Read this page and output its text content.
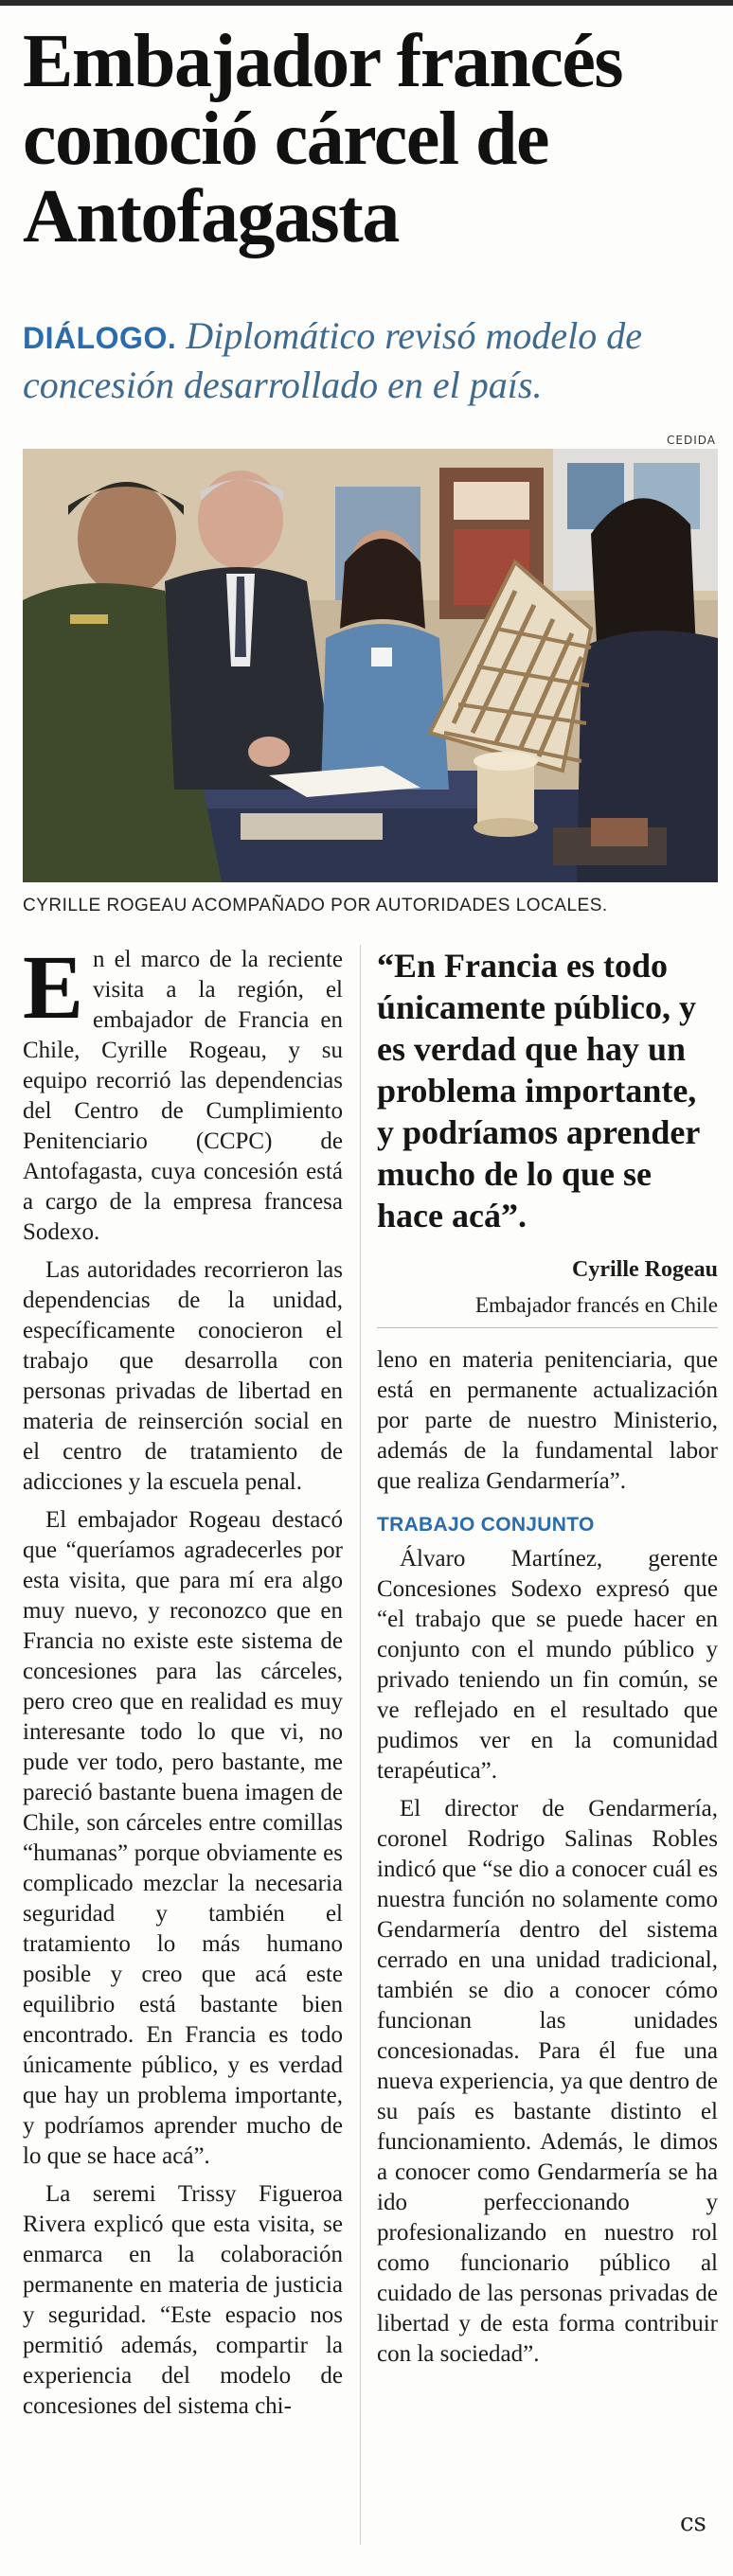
Embajador francés conoció cárcel de Antofagasta
DIÁLOGO. Diplomático revisó modelo de concesión desarrollado en el país.
CEDIDA
CYRILLE ROGEAU ACOMPAÑADO POR AUTORIDADES LOCALES.

En el marco de la reciente visita a la región, el embajador de Francia en Chile, Cyrille Rogeau, y su equipo recorrió las dependencias del Centro de Cumplimiento Penitenciario (CCPC) de Antofagasta, cuya concesión está a cargo de la empresa francesa Sodexo.

Las autoridades recorrieron las dependencias de la unidad, específicamente conocieron el trabajo que desarrolla con personas privadas de libertad en materia de reinserción social en el centro de tratamiento de adicciones y la escuela penal.

El embajador Rogeau destacó que “queríamos agradecerles por esta visita, que para mí era algo muy nuevo, y reconozco que en Francia no existe este sistema de concesiones para las cárceles, pero creo que en realidad es muy interesante todo lo que vi, no pude ver todo, pero bastante, me pareció bastante buena imagen de Chile, son cárceles entre comillas “humanas” porque obviamente es complicado mezclar la necesaria seguridad y también el tratamiento lo más humano posible y creo que acá este equilibrio está bastante bien encontrado. En Francia es todo únicamente público, y es verdad que hay un problema importante, y podríamos aprender mucho de lo que se hace acá”.

La seremi Trissy Figueroa Rivera explicó que esta visita, se enmarca en la colaboración permanente en materia de justicia y seguridad. “Este espacio nos permitió además, compartir la experiencia del modelo de concesiones del sistema chi-

“En Francia es todo únicamente público, y es verdad que hay un problema importante, y podríamos aprender mucho de lo que se hace acá”.

Cyrille Rogeau

Embajador francés en Chile

leno en materia penitenciaria, que está en permanente actualización por parte de nuestro Ministerio, además de la fundamental labor que realiza Gendarmería”.

TRABAJO CONJUNTO

Álvaro Martínez, gerente Concesiones Sodexo expresó que “el trabajo que se puede hacer en conjunto con el mundo público y privado teniendo un fin común, se ve reflejado en el resultado que pudimos ver en la comunidad terapéutica”.

El director de Gendarmería, coronel Rodrigo Salinas Robles indicó que “se dio a conocer cuál es nuestra función no solamente como Gendarmería dentro del sistema cerrado en una unidad tradicional, también se dio a conocer cómo funcionan las unidades concesionadas. Para él fue una nueva experiencia, ya que dentro de su país es bastante distinto el funcionamiento. Además, le dimos a conocer como Gendarmería se ha ido perfeccionando y profesionalizando en nuestro rol como funcionario público al cuidado de las personas privadas de libertad y de esta forma contribuir con la sociedad”.

cs
